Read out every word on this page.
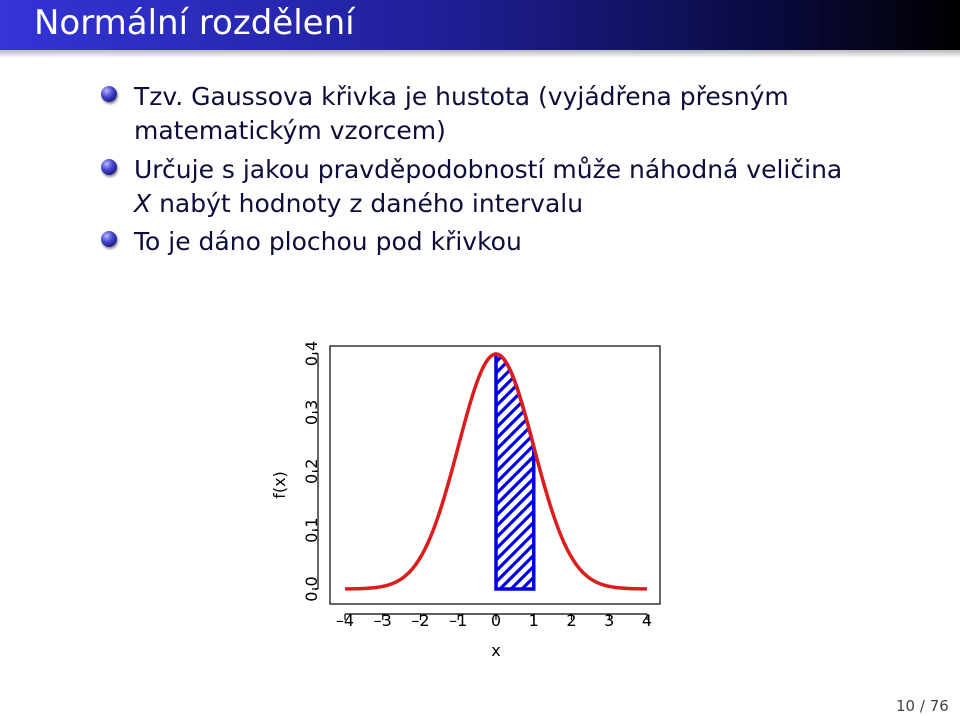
Normální rozdělení
Tzv. Gaussova křivka je hustota (vyjádřena přesným
matematickým vzorcem)
Určuje s jakou pravděpodobností může náhodná veličina
X nabýt hodnoty z daného intervalu
To je dáno plochou pod křivkou
–4 –3 –2 –1 0 1 2 3 4
0.0
0.1
0.2
0.3
0.4
x
f(x)
10 / 76
